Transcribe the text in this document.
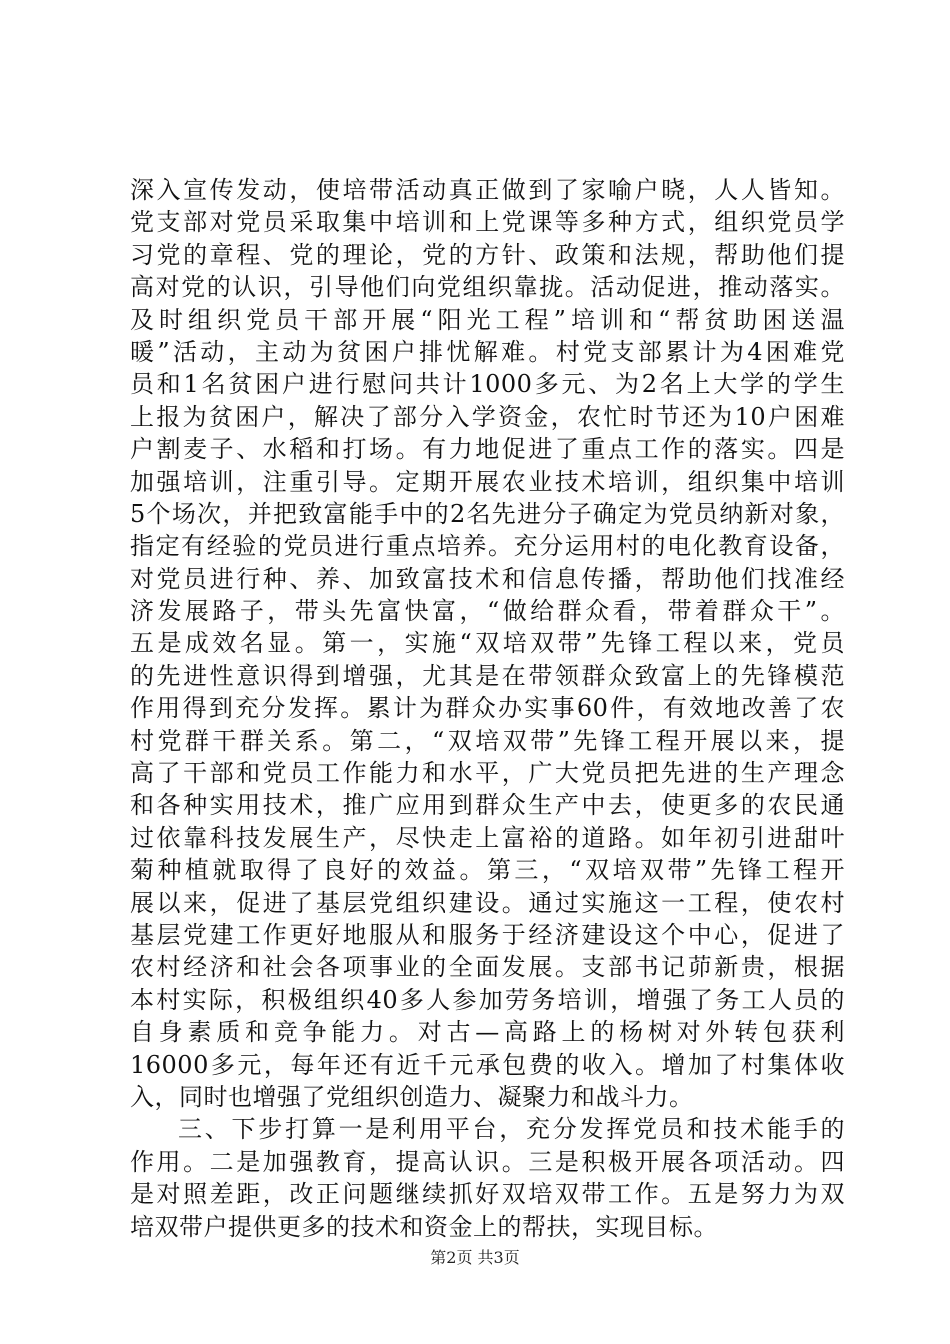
深入宣传发动，使培带活动真正做到了家喻户晓，人人皆知。
党支部对党员采取集中培训和上党课等多种方式，组织党员学
习党的章程、党的理论，党的方针、政策和法规，帮助他们提
高对党的认识，引导他们向党组织靠拢。活动促进，推动落实。
及时组织党员干部开展“阳光工程”培训和“帮贫助困送温
暖”活动，主动为贫困户排忧解难。村党支部累计为4困难党
员和1名贫困户进行慰问共计1000多元、为2名上大学的学生
上报为贫困户，解决了部分入学资金，农忙时节还为10户困难
户割麦子、水稻和打场。有力地促进了重点工作的落实。四是
加强培训，注重引导。定期开展农业技术培训，组织集中培训
5个场次，并把致富能手中的2名先进分子确定为党员纳新对象，
指定有经验的党员进行重点培养。充分运用村的电化教育设备，
对党员进行种、养、加致富技术和信息传播，帮助他们找准经
济发展路子，带头先富快富，“做给群众看，带着群众干”。
五是成效名显。第一，实施“双培双带”先锋工程以来，党员
的先进性意识得到增强，尤其是在带领群众致富上的先锋模范
作用得到充分发挥。累计为群众办实事60件，有效地改善了农
村党群干群关系。第二，“双培双带”先锋工程开展以来，提
高了干部和党员工作能力和水平，广大党员把先进的生产理念
和各种实用技术，推广应用到群众生产中去，使更多的农民通
过依靠科技发展生产，尽快走上富裕的道路。如年初引进甜叶
菊种植就取得了良好的效益。第三，“双培双带”先锋工程开
展以来，促进了基层党组织建设。通过实施这一工程，使农村
基层党建工作更好地服从和服务于经济建设这个中心，促进了
农村经济和社会各项事业的全面发展。支部书记茆新贵，根据
本村实际，积极组织40多人参加劳务培训，增强了务工人员的
自身素质和竞争能力。对古—高路上的杨树对外转包获利
16000多元，每年还有近千元承包费的收入。增加了村集体收
入，同时也增强了党组织创造力、凝聚力和战斗力。
三、下步打算一是利用平台，充分发挥党员和技术能手的
作用。二是加强教育，提高认识。三是积极开展各项活动。四
是对照差距，改正问题继续抓好双培双带工作。五是努力为双
培双带户提供更多的技术和资金上的帮扶，实现目标。
第2页 共3页
